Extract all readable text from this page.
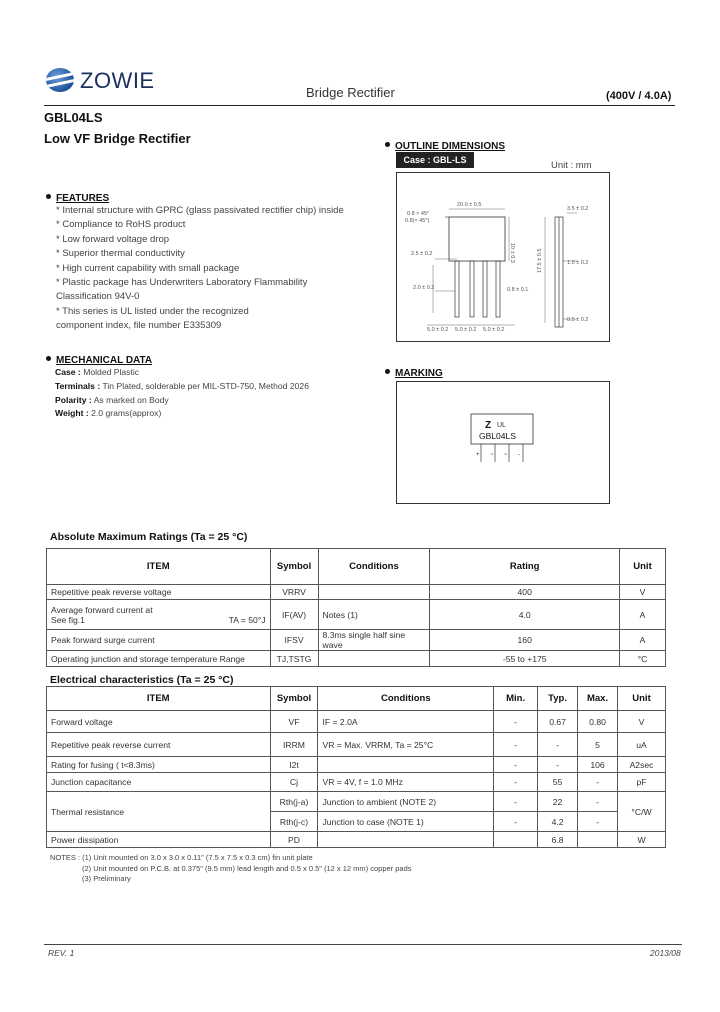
ZOWIE	Bridge Rectifier	(400V / 4.0A)
GBL04LS
Low VF Bridge Rectifier
FEATURES
* Internal structure with GPRC (glass passivated rectifier chip) inside
* Compliance to RoHS product
* Low forward voltage drop
* Superior thermal conductivity
* High current capability with small package
* Plastic package has Underwriters Laboratory Flammability
Classification 94V-0
* This series is UL listed under the recognized
component index, file number E335309
MECHANICAL DATA
Case : Molded Plastic
Terminals : Tin Plated, solderable per MIL-STD-750, Method 2026
Polarity : As marked on Body
Weight : 2.0 grams(approx)
OUTLINE DIMENSIONS
Case : GBL-LS	Unit : mm
20.0 ± 0.5
10 ± 0.3
0.8 × 45°
0.8(× 45°)
2.5 ± 0.2
2.0 ± 0.2	0.8 ± 0.1
5.0 ± 0.2 5.0 ± 0.2 5.0 ± 0.2
3.5 ± 0.2
17.5 ± 0.5	1.0 ± 0.2
0.5 ± 0.2
MARKING
Z UL
GBL04LS
+ ~ ~ -
Absolute Maximum Ratings (Ta = 25 °C)
ITEM	Symbol	Conditions	Rating	Unit
Repetitive peak reverse voltage	VRRV		400	V

Average forward current at
See fig.1 TA = 50°J	IF(AV)	Notes (1)	4.0	A
Peak forward surge current	IFSV	8.3ms single half sine wave	160	A
Operating junction and storage temperature Range	TJ,TSTG		-55 to +175	°C
Electrical characteristics (Ta = 25 °C)
ITEM	Symbol	Conditions	Min.	Typ.	Max.	Unit
Forward voltage	VF	IF = 2.0A	-	0.67	0.80	V
Repetitive peak reverse current	IRRM	VR = Max. VRRM, Ta = 25°C	-	-	5	uA
Rating for fusing ( t<8.3ms)	I2t		-	-	106	A2sec
Junction capacitance	Cj	VR = 4V, f = 1.0 MHz	-	55	-	pF
Thermal resistance	Rth(j-a)	Junction to ambient (NOTE 2)	-	22	-	°C/W
	Rth(j-c)	Junction to case (NOTE 1)	-	4.2	-	
Power dissipation	PD			6.8		W
NOTES : (1) Unit mounted on 3.0 x 3.0 x 0.11" (7.5 x 7.5 x 0.3 cm) fin unit plate
(2) Unit mounted on P.C.B. at 0.375" (9.5 mm) lead length and 0.5 x 0.5" (12 x 12 mm) copper pads
(3) Preliminary
REV. 1	2013/08
